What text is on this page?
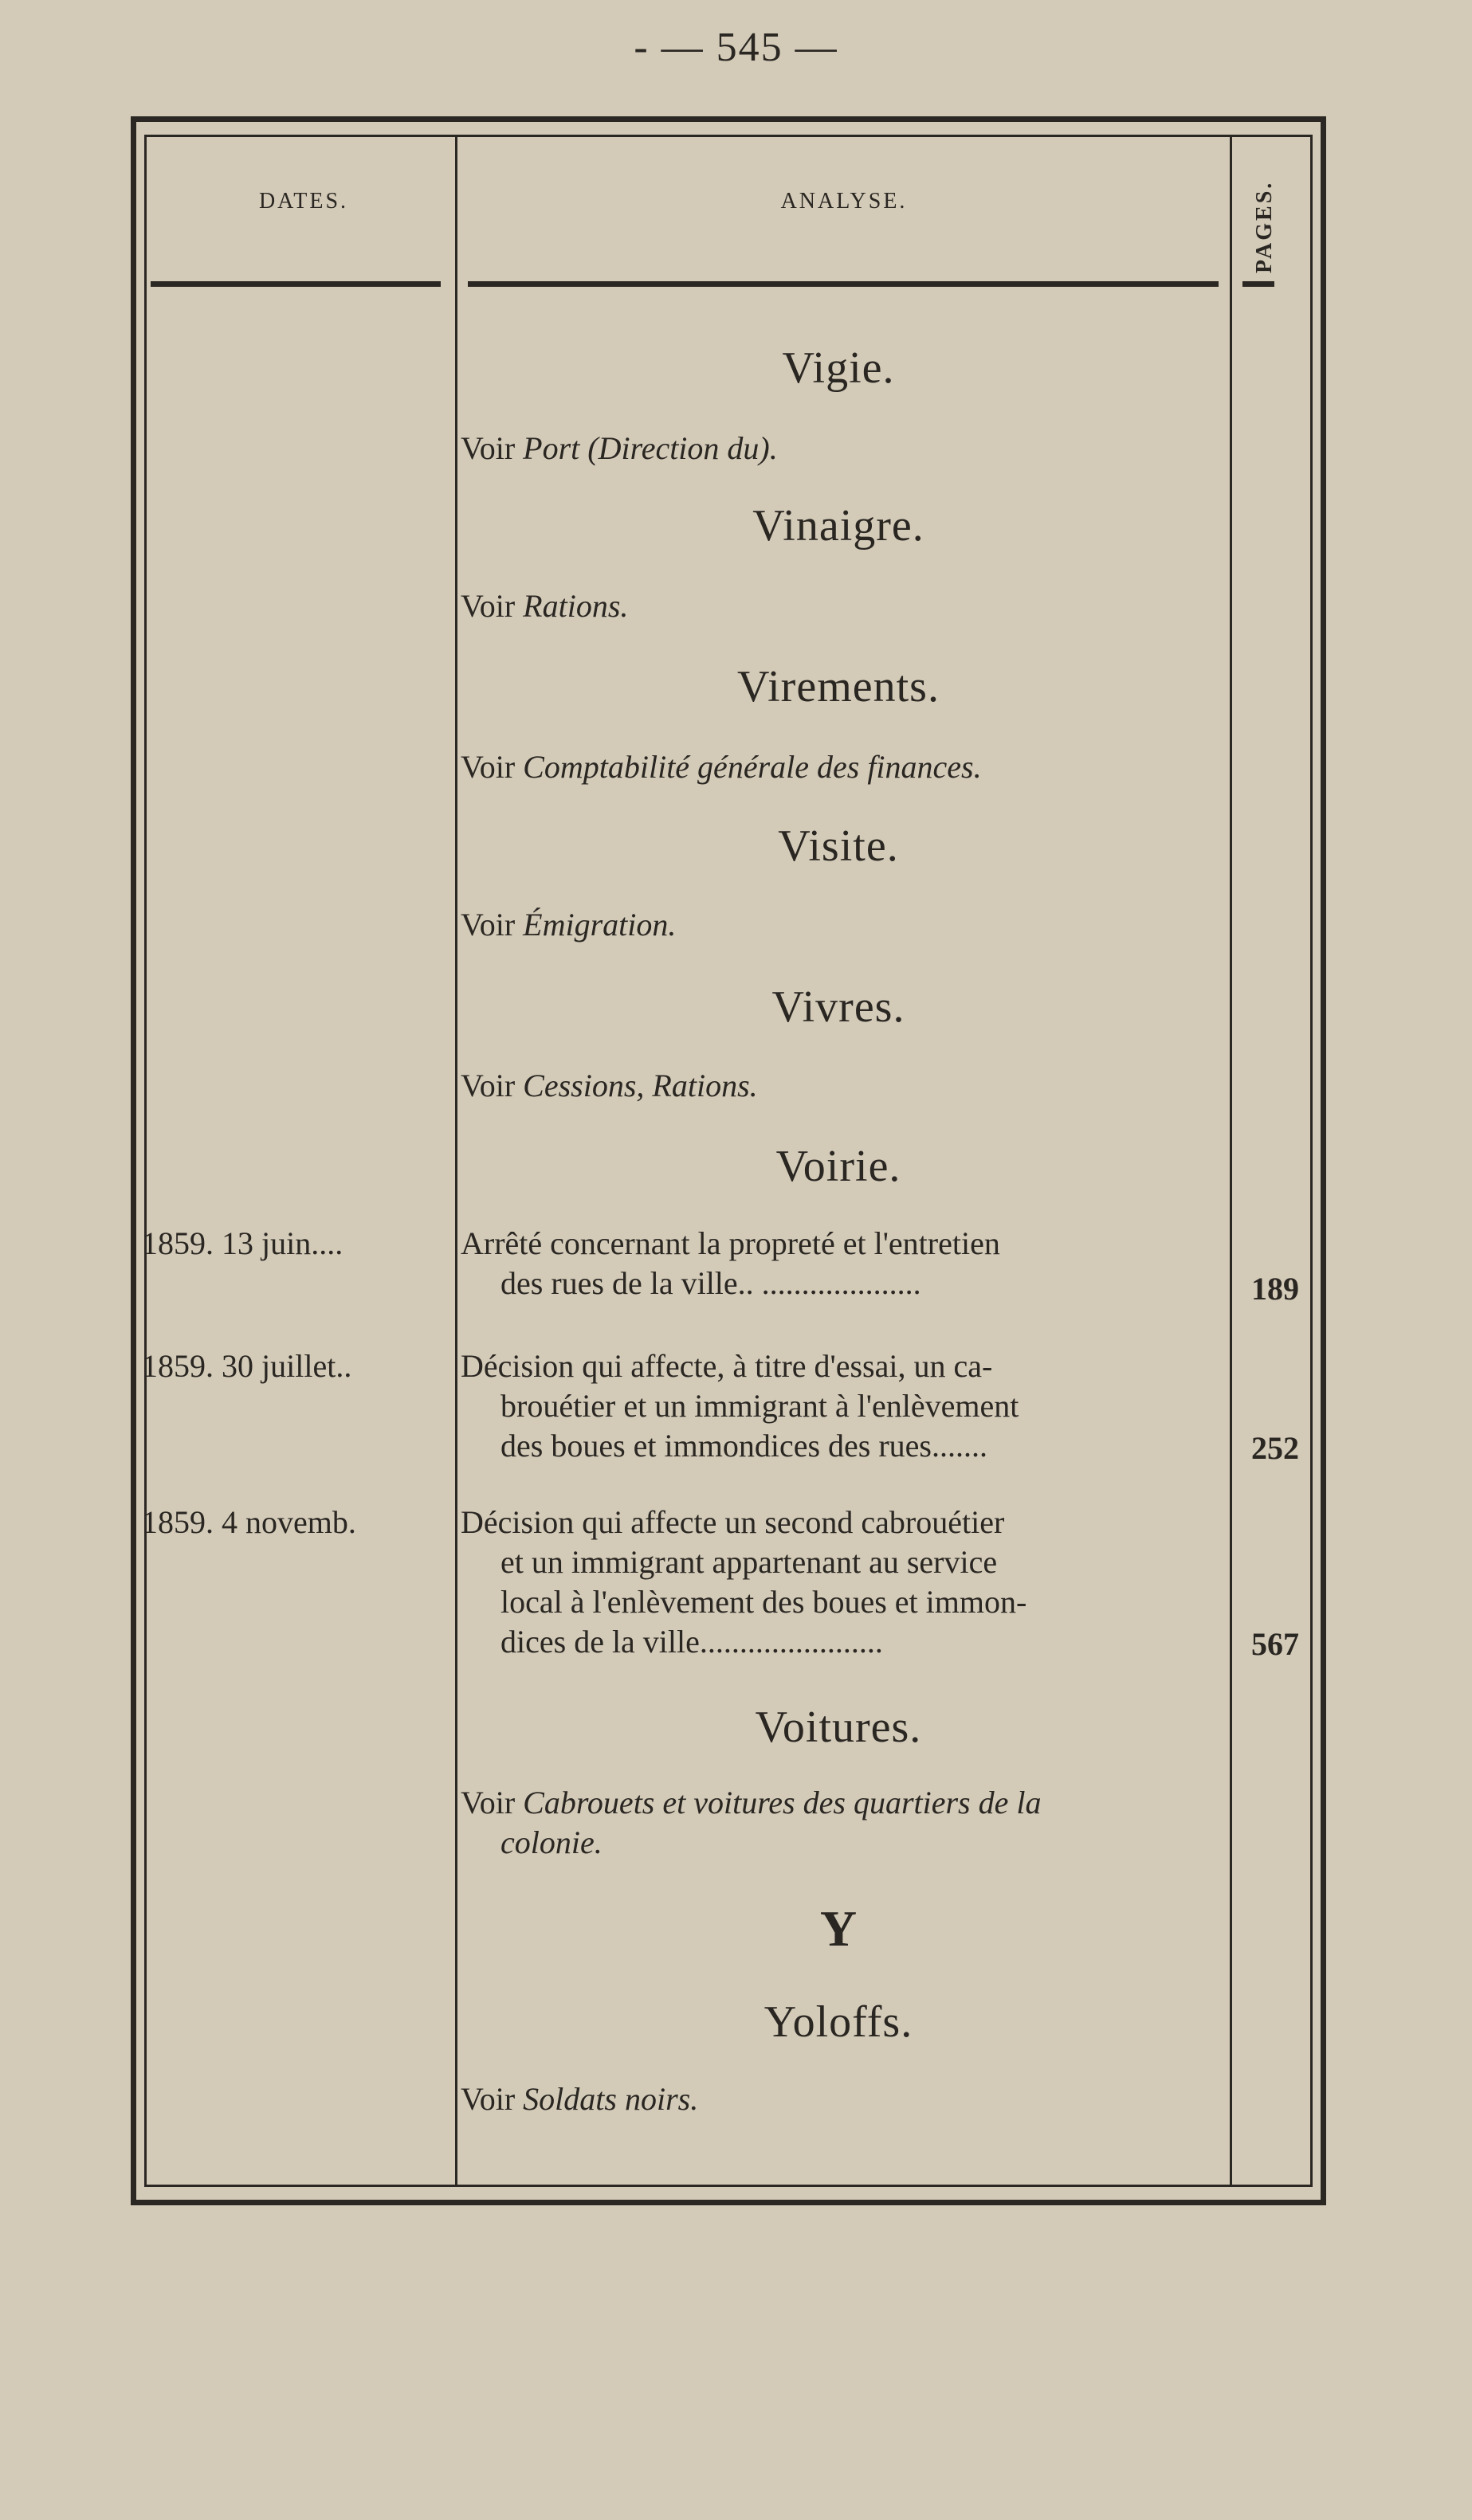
- — 545 —
DATES.	ANALYSE.	PAGES.
Vigie.
Voir Port (Direction du).
Vinaigre.
Voir Rations.
Virements.
Voir Comptabilité générale des finances.
Visite.
Voir Émigration.
Vivres.
Voir Cessions, Rations.
Voirie.
1859. 13 juin....	Arrêté concernant la propreté et l'entretien
des rues de la ville.. ....................	189
1859. 30 juillet..	Décision qui affecte, à titre d'essai, un ca-
brouétier et un immigrant à l'enlèvement
des boues et immondices des rues.......	252
1859. 4 novemb.	Décision qui affecte un second cabrouétier
et un immigrant appartenant au service
local à l'enlèvement des boues et immon-
dices de la ville.......................	567
Voitures.
Voir Cabrouets et voitures des quartiers de la
colonie.
Y
Yoloffs.
Voir Soldats noirs.
